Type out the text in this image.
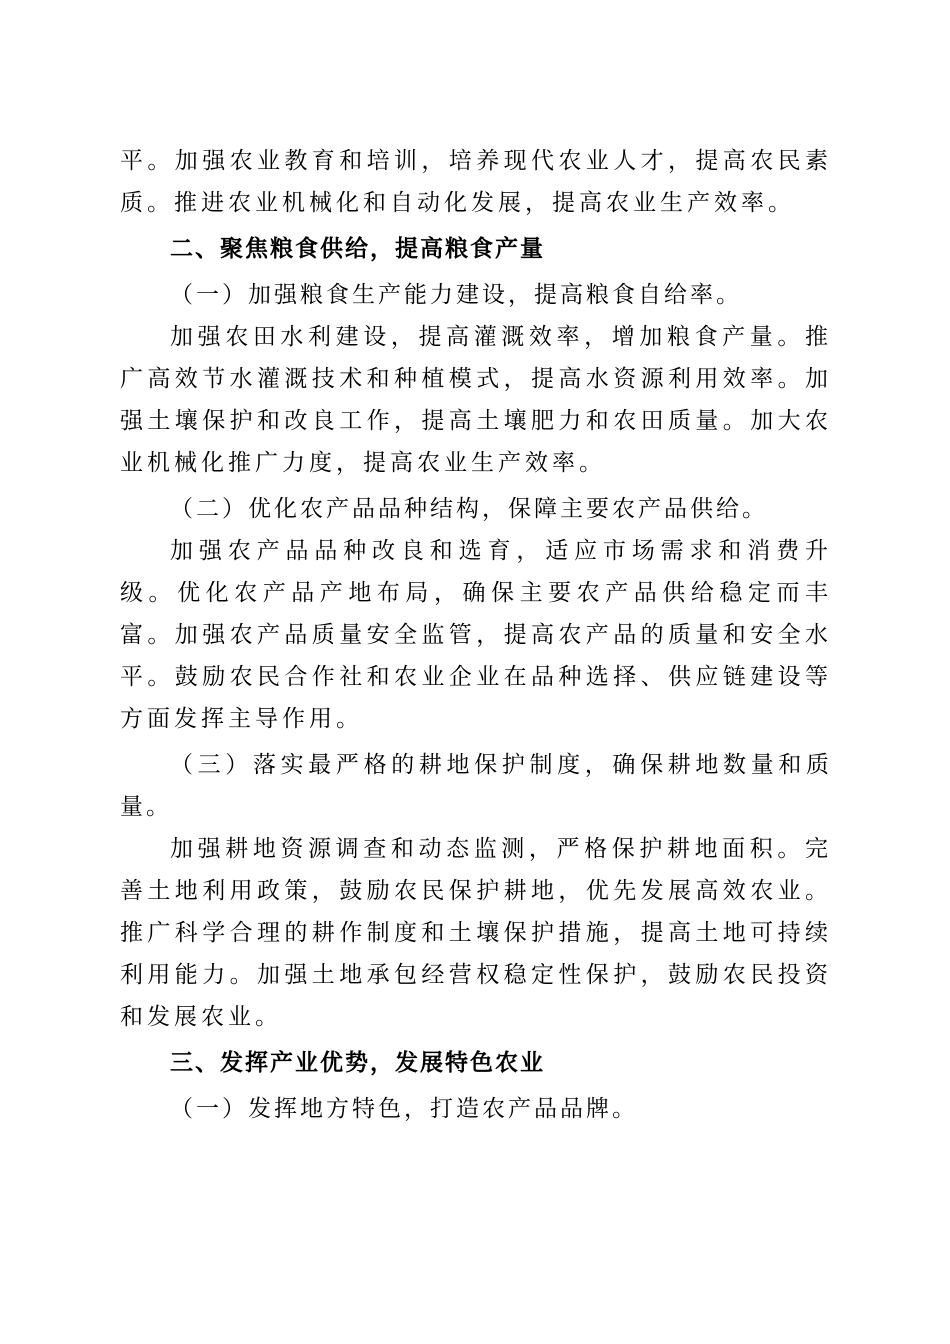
平。加强农业教育和培训，培养现代农业人才，提高农民素质。推进农业机械化和自动化发展，提高农业生产效率。

二、聚焦粮食供给，提高粮食产量

（一）加强粮食生产能力建设，提高粮食自给率。

加强农田水利建设，提高灌溉效率，增加粮食产量。推广高效节水灌溉技术和种植模式，提高水资源利用效率。加强土壤保护和改良工作，提高土壤肥力和农田质量。加大农业机械化推广力度，提高农业生产效率。

（二）优化农产品品种结构，保障主要农产品供给。

加强农产品品种改良和选育，适应市场需求和消费升级。优化农产品产地布局，确保主要农产品供给稳定而丰富。加强农产品质量安全监管，提高农产品的质量和安全水平。鼓励农民合作社和农业企业在品种选择、供应链建设等方面发挥主导作用。

（三）落实最严格的耕地保护制度，确保耕地数量和质量。

加强耕地资源调查和动态监测，严格保护耕地面积。完善土地利用政策，鼓励农民保护耕地，优先发展高效农业。推广科学合理的耕作制度和土壤保护措施，提高土地可持续利用能力。加强土地承包经营权稳定性保护，鼓励农民投资和发展农业。

三、发挥产业优势，发展特色农业

（一）发挥地方特色，打造农产品品牌。
